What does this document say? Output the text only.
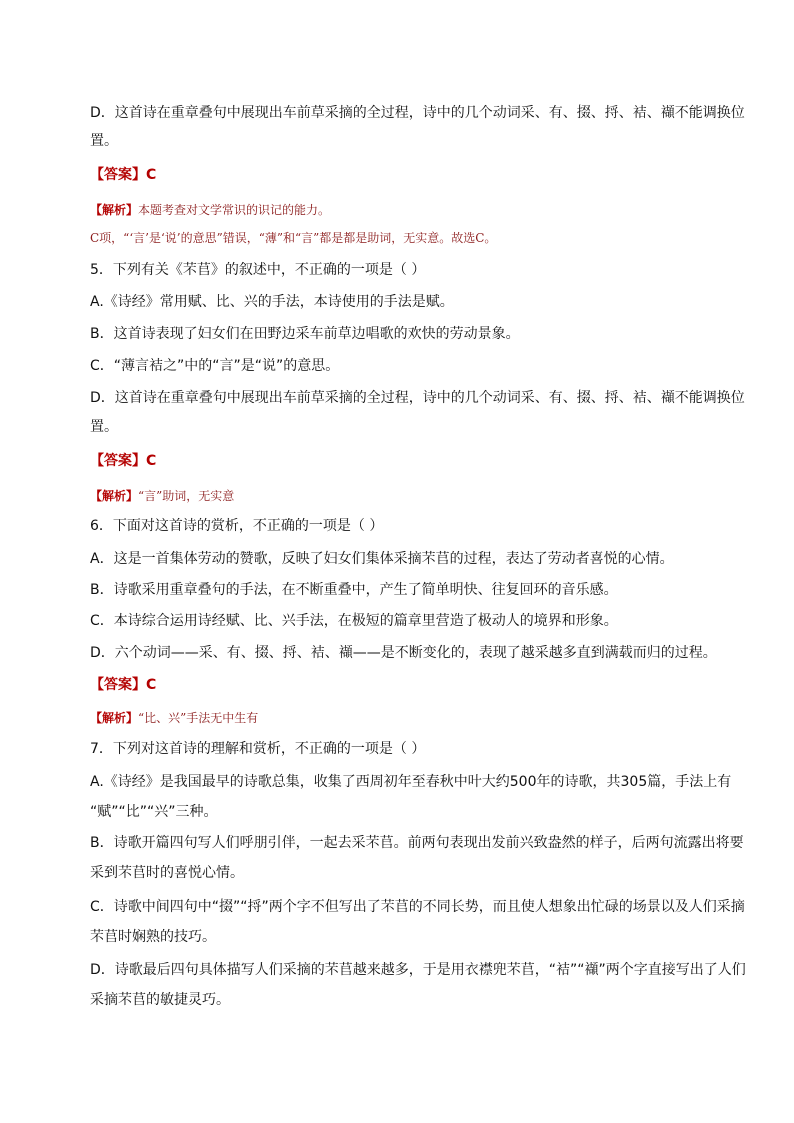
D．这首诗在重章叠句中展现出车前草采摘的全过程，诗中的几个动词采、有、掇、捋、袺、襭不能调换位
置。
【答案】C
【解析】本题考查对文学常识的识记的能力。
C项，“‘言’是‘说’的意思”错误，“薄”和“言”都是都是助词，无实意。故选C。
5．下列有关《芣苢》的叙述中，不正确的一项是（ ）
A.《诗经》常用赋、比、兴的手法，本诗使用的手法是赋。
B．这首诗表现了妇女们在田野边采车前草边唱歌的欢快的劳动景象。
C．“薄言袺之”中的“言”是“说”的意思。
D．这首诗在重章叠句中展现出车前草采摘的全过程，诗中的几个动词采、有、掇、捋、袺、襭不能调换位
置。
【答案】C
【解析】“言”助词，无实意
6．下面对这首诗的赏析，不正确的一项是（ ）
A．这是一首集体劳动的赞歌，反映了妇女们集体采摘芣苢的过程，表达了劳动者喜悦的心情。
B．诗歌采用重章叠句的手法，在不断重叠中，产生了简单明快、往复回环的音乐感。
C．本诗综合运用诗经赋、比、兴手法，在极短的篇章里营造了极动人的境界和形象。
D．六个动词——采、有、掇、捋、袺、襭——是不断变化的，表现了越采越多直到满载而归的过程。
【答案】C
【解析】“比、兴”手法无中生有
7．下列对这首诗的理解和赏析，不正确的一项是（ ）
A.《诗经》是我国最早的诗歌总集，收集了西周初年至春秋中叶大约500年的诗歌，共305篇，手法上有
“赋”“比”“兴”三种。
B．诗歌开篇四句写人们呼朋引伴，一起去采芣苢。前两句表现出发前兴致盎然的样子，后两句流露出将要
采到芣苢时的喜悦心情。
C．诗歌中间四句中“掇”“捋”两个字不但写出了芣苢的不同长势，而且使人想象出忙碌的场景以及人们采摘
芣苢时娴熟的技巧。
D．诗歌最后四句具体描写人们采摘的芣苢越来越多，于是用衣襟兜芣苢，“袺”“襭”两个字直接写出了人们
采摘芣苢的敏捷灵巧。
